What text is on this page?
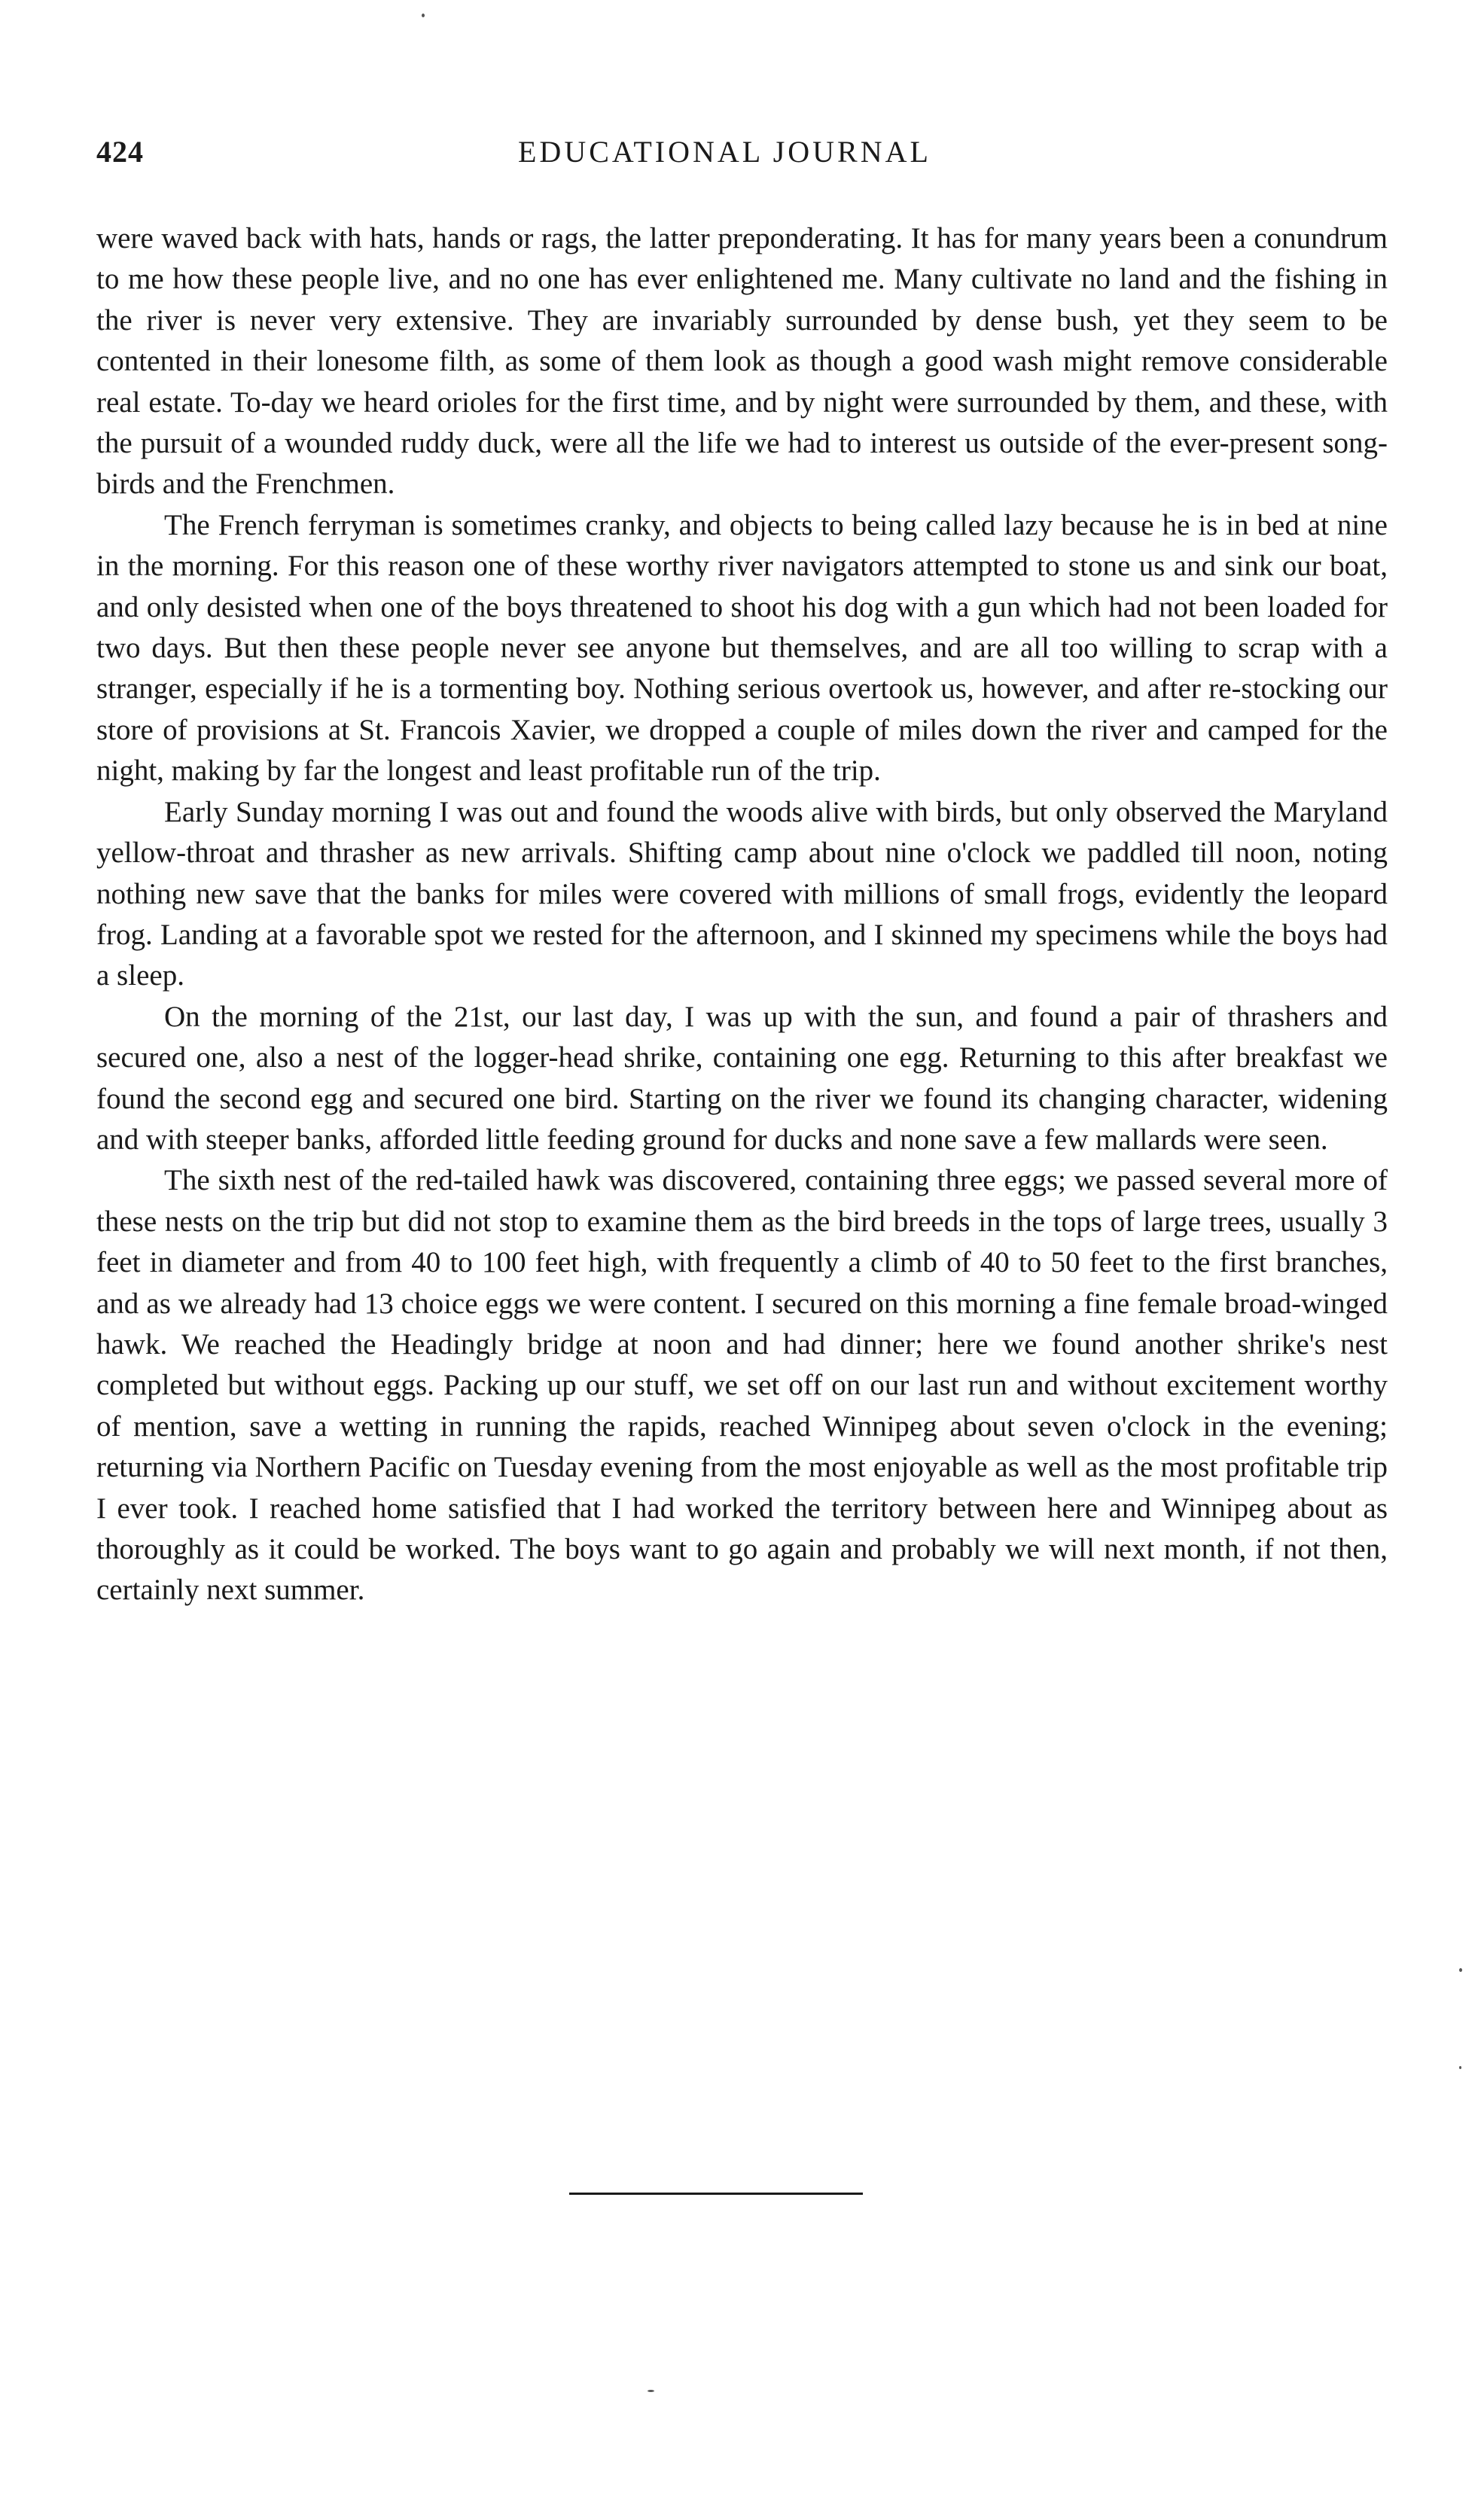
424	EDUCATIONAL JOURNAL

were waved back with hats, hands or rags, the latter preponderating. It has for many years been a conundrum to me how these people live, and no one has ever enlightened me. Many cultivate no land and the fishing in the river is never very extensive. They are invariably surrounded by dense bush, yet they seem to be contented in their lonesome filth, as some of them look as though a good wash might remove considerable real estate. To-day we heard orioles for the first time, and by night were surrounded by them, and these, with the pursuit of a wounded ruddy duck, were all the life we had to interest us outside of the ever-present song-birds and the Frenchmen.

The French ferryman is sometimes cranky, and objects to being called lazy because he is in bed at nine in the morning. For this reason one of these worthy river navigators attempted to stone us and sink our boat, and only desisted when one of the boys threatened to shoot his dog with a gun which had not been loaded for two days. But then these people never see anyone but themselves, and are all too willing to scrap with a stranger, especially if he is a tormenting boy. Nothing serious overtook us, however, and after re-stocking our store of provisions at St. Francois Xavier, we dropped a couple of miles down the river and camped for the night, making by far the longest and least profitable run of the trip.

Early Sunday morning I was out and found the woods alive with birds, but only observed the Maryland yellow-throat and thrasher as new arrivals. Shifting camp about nine o'clock we paddled till noon, noting nothing new save that the banks for miles were covered with millions of small frogs, evidently the leopard frog. Landing at a favorable spot we rested for the afternoon, and I skinned my specimens while the boys had a sleep.

On the morning of the 21st, our last day, I was up with the sun, and found a pair of thrashers and secured one, also a nest of the logger-head shrike, containing one egg. Returning to this after breakfast we found the second egg and secured one bird. Starting on the river we found its changing character, widening and with steeper banks, afforded little feeding ground for ducks and none save a few mallards were seen.

The sixth nest of the red-tailed hawk was discovered, containing three eggs; we passed several more of these nests on the trip but did not stop to examine them as the bird breeds in the tops of large trees, usually 3 feet in diameter and from 40 to 100 feet high, with frequently a climb of 40 to 50 feet to the first branches, and as we already had 13 choice eggs we were content. I secured on this morning a fine female broad-winged hawk. We reached the Headingly bridge at noon and had dinner; here we found another shrike's nest completed but without eggs. Packing up our stuff, we set off on our last run and without excitement worthy of mention, save a wetting in running the rapids, reached Winnipeg about seven o'clock in the evening; returning via Northern Pacific on Tuesday evening from the most enjoyable as well as the most profitable trip I ever took. I reached home satisfied that I had worked the territory between here and Winnipeg about as thoroughly as it could be worked. The boys want to go again and probably we will next month, if not then, certainly next summer.
